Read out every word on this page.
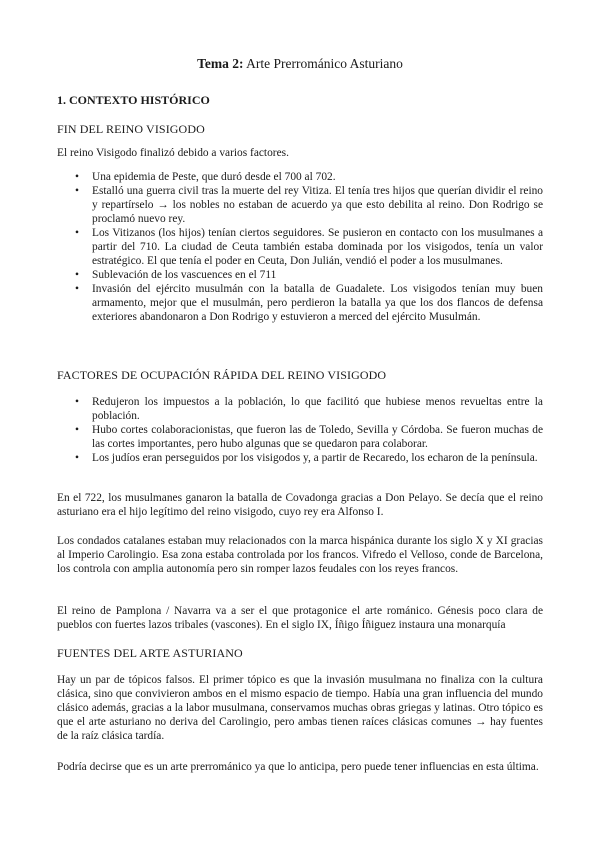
Tema 2: Arte Prerrománico Asturiano
1. CONTEXTO HISTÓRICO
FIN DEL REINO VISIGODO
El reino Visigodo finalizó debido a varios factores.
• Una epidemia de Peste, que duró desde el 700 al 702.
• Estalló una guerra civil tras la muerte del rey Vitiza. El tenía tres hijos que querían dividir el reino y repartírselo → los nobles no estaban de acuerdo ya que esto debilita al reino. Don Rodrigo se proclamó nuevo rey.
• Los Vitizanos (los hijos) tenían ciertos seguidores. Se pusieron en contacto con los musulmanes a partir del 710. La ciudad de Ceuta también estaba dominada por los visigodos, tenía un valor estratégico. El que tenía el poder en Ceuta, Don Julián, vendió el poder a los musulmanes.
• Sublevación de los vascuences en el 711
• Invasión del ejército musulmán con la batalla de Guadalete. Los visigodos tenían muy buen armamento, mejor que el musulmán, pero perdieron la batalla ya que los dos flancos de defensa exteriores abandonaron a Don Rodrigo y estuvieron a merced del ejército Musulmán.
FACTORES DE OCUPACIÓN RÁPIDA DEL REINO VISIGODO
• Redujeron los impuestos a la población, lo que facilitó que hubiese menos revueltas entre la población.
• Hubo cortes colaboracionistas, que fueron las de Toledo, Sevilla y Córdoba. Se fueron muchas de las cortes importantes, pero hubo algunas que se quedaron para colaborar.
• Los judíos eran perseguidos por los visigodos y, a partir de Recaredo, los echaron de la península.
En el 722, los musulmanes ganaron la batalla de Covadonga gracias a Don Pelayo. Se decía que el reino asturiano era el hijo legítimo del reino visigodo, cuyo rey era Alfonso I.
Los condados catalanes estaban muy relacionados con la marca hispánica durante los siglo X y XI gracias al Imperio Carolingio. Esa zona estaba controlada por los francos. Vifredo el Velloso, conde de Barcelona, los controla con amplia autonomía pero sin romper lazos feudales con los reyes francos.
El reino de Pamplona / Navarra va a ser el que protagonice el arte románico. Génesis poco clara de pueblos con fuertes lazos tribales (vascones). En el siglo IX, Íñigo Íñiguez instaura una monarquía
FUENTES DEL ARTE ASTURIANO
Hay un par de tópicos falsos. El primer tópico es que la invasión musulmana no finaliza con la cultura clásica, sino que convivieron ambos en el mismo espacio de tiempo. Había una gran influencia del mundo clásico además, gracias a la labor musulmana, conservamos muchas obras griegas y latinas. Otro tópico es que el arte asturiano no deriva del Carolingio, pero ambas tienen raíces clásicas comunes → hay fuentes de la raíz clásica tardía.
Podría decirse que es un arte prerrománico ya que lo anticipa, pero puede tener influencias en esta última.
